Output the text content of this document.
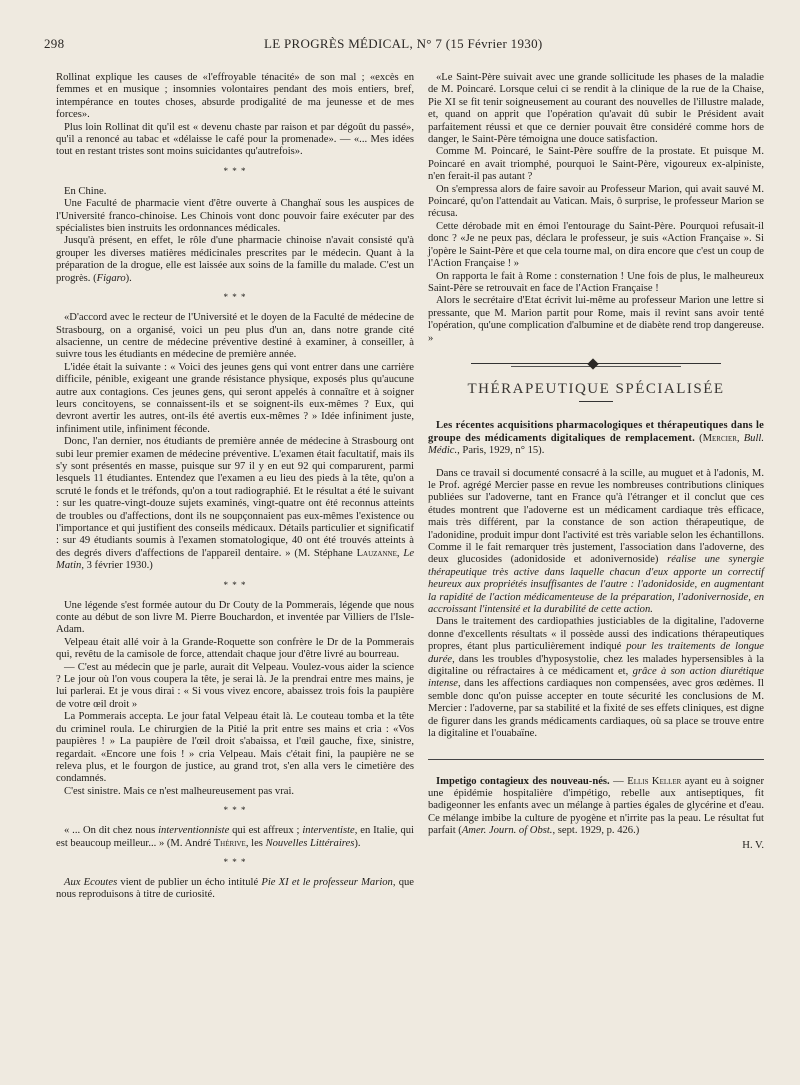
298	LE PROGRÈS MÉDICAL, N° 7 (15 Février 1930)

Rollinat explique les causes de «l'effroyable ténacité» de son mal ; «excès en femmes et en musique ; insomnies volontaires pendant des mois entiers, bref, intempérance en toutes choses, absurde prodigalité de ma jeunesse et de mes forces».

Plus loin Rollinat dit qu'il est « devenu chaste par raison et par dégoût du passé», qu'il a renoncé au tabac et «délaisse le café pour la promenade». — «... Mes idées tout en restant tristes sont moins suicidantes qu'autrefois».

* * *

En Chine.

Une Faculté de pharmacie vient d'être ouverte à Changhaï sous les auspices de l'Université franco-chinoise. Les Chinois vont donc pouvoir faire exécuter par des spécialistes bien instruits les ordonnances médicales.

Jusqu'à présent, en effet, le rôle d'une pharmacie chinoise n'avait consisté qu'à grouper les diverses matières médicinales prescrites par le médecin. Quant à la préparation de la drogue, elle est laissée aux soins de la famille du malade. C'est un progrès. (Figaro).

* * *

«D'accord avec le recteur de l'Université et le doyen de la Faculté de médecine de Strasbourg, on a organisé, voici un peu plus d'un an, dans notre grande cité alsacienne, un centre de médecine préventive destiné à examiner, à conseiller, à suivre tous les étudiants en médecine de première année.

L'idée était la suivante : « Voici des jeunes gens qui vont entrer dans une carrière difficile, pénible, exigeant une grande résistance physique, exposés plus qu'aucune autre aux contagions. Ces jeunes gens, qui seront appelés à connaître et à soigner leurs concitoyens, se connaissent-ils et se soignent-ils eux-mêmes ? Eux, qui devront avertir les autres, ont-ils été avertis eux-mêmes ? » Idée infiniment juste, infiniment utile, infiniment féconde.

Donc, l'an dernier, nos étudiants de première année de médecine à Strasbourg ont subi leur premier examen de médecine préventive. L'examen était facultatif, mais ils s'y sont présentés en masse, puisque sur 97 il y en eut 92 qui comparurent, parmi lesquels 11 étudiantes. Entendez que l'examen a eu lieu des pieds à la tête, qu'on a scruté le fonds et le tréfonds, qu'on a tout radiographié. Et le résultat a été le suivant : sur les quatre-vingt-douze sujets examinés, vingt-quatre ont été reconnus atteints de troubles ou d'affections, dont ils ne soupçonnaient pas eux-mêmes l'existence ou l'importance et qui justifient des conseils médicaux. Détails particulier et significatif : sur 49 étudiants soumis à l'examen stomatologique, 40 ont été trouvés atteints à des degrés divers d'affections de l'appareil dentaire. » (M. Stéphane Lauzanne, Le Matin, 3 février 1930.)

* * *

Une légende s'est formée autour du Dr Couty de la Pommerais, légende que nous conte au début de son livre M. Pierre Bouchardon, et inventée par Villiers de l'Isle-Adam.

Velpeau était allé voir à la Grande-Roquette son confrère le Dr de la Pommerais qui, revêtu de la camisole de force, attendait chaque jour d'être livré au bourreau.

— C'est au médecin que je parle, aurait dit Velpeau. Voulez-vous aider la science ? Le jour où l'on vous coupera la tête, je serai là. Je la prendrai entre mes mains, je lui parlerai. Et je vous dirai : « Si vous vivez encore, abaissez trois fois la paupière de votre œil droit »

La Pommerais accepta. Le jour fatal Velpeau était là. Le couteau tomba et la tête du criminel roula. Le chirurgien de la Pitié la prit entre ses mains et cria : «Vos paupières ! » La paupière de l'œil droit s'abaissa, et l'œil gauche, fixe, sinistre, regardait. «Encore une fois ! » cria Velpeau. Mais c'était fini, la paupière ne se releva plus, et le fourgon de justice, au grand trot, s'en alla vers le cimetière des condamnés.

C'est sinistre. Mais ce n'est malheureusement pas vrai.

* * *

« ... On dit chez nous interventionniste qui est affreux ; interventiste, en Italie, qui est beaucoup meilleur... » (M. André Thérive, les Nouvelles Littéraires).

* * *

Aux Ecoutes vient de publier un écho intitulé Pie XI et le professeur Marion, que nous reproduisons à titre de curiosité.

«Le Saint-Père suivait avec une grande sollicitude les phases de la maladie de M. Poincaré. Lorsque celui ci se rendit à la clinique de la rue de la Chaise, Pie XI se fit tenir soigneusement au courant des nouvelles de l'illustre malade, et, quand on apprit que l'opération qu'avait dû subir le Président avait parfaitement réussi et que ce dernier pouvait être considéré comme hors de danger, le Saint-Père témoigna une douce satisfaction.

Comme M. Poincaré, le Saint-Père souffre de la prostate. Et puisque M. Poincaré en avait triomphé, pourquoi le Saint-Père, vigoureux ex-alpiniste, n'en ferait-il pas autant ?

On s'empressa alors de faire savoir au Professeur Marion, qui avait sauvé M. Poincaré, qu'on l'attendait au Vatican. Mais, ô surprise, le professeur Marion se récusa.

Cette dérobade mit en émoi l'entourage du Saint-Père. Pourquoi refusait-il donc ? «Je ne peux pas, déclara le professeur, je suis «Action Française ». Si j'opère le Saint-Père et que cela tourne mal, on dira encore que c'est un coup de l'Action Française ! »

On rapporta le fait à Rome : consternation ! Une fois de plus, le malheureux Saint-Père se retrouvait en face de l'Action Française !

Alors le secrétaire d'Etat écrivit lui-même au professeur Marion une lettre si pressante, que M. Marion partit pour Rome, mais il revint sans avoir tenté l'opération, qu'une complication d'albumine et de diabète rend trop dangereuse. »

THÉRAPEUTIQUE SPÉCIALISÉE

Les récentes acquisitions pharmacologiques et thérapeutiques dans le groupe des médicaments digitaliques de remplacement. (Mercier, Bull. Médic., Paris, 1929, n° 15).

Dans ce travail si documenté consacré à la scille, au muguet et à l'adonis, M. le Prof. agrégé Mercier passe en revue les nombreuses contributions cliniques publiées sur l'adoverne, tant en France qu'à l'étranger et il conclut que ces études montrent que l'adoverne est un médicament cardiaque très efficace, mais très différent, par la constance de son action thérapeutique, de l'adonidine, produit impur dont l'activité est très variable selon les échantillons. Comme il le fait remarquer très justement, l'association dans l'adoverne, des deux glucosides (adonidoside et adonivernoside) réalise une synergie thérapeutique très active dans laquelle chacun d'eux apporte un correctif heureux aux propriétés insuffisantes de l'autre : l'adonidoside, en augmentant la rapidité de l'action médicamenteuse de la préparation, l'adonivernoside, en accroissant l'intensité et la durabilité de cette action.

Dans le traitement des cardiopathies justiciables de la digitaline, l'adoverne donne d'excellents résultats « il possède aussi des indications thérapeutiques propres, étant plus particulièrement indiqué pour les traitements de longue durée, dans les troubles d'hyposystolie, chez les malades hypersensibles à la digitaline ou réfractaires à ce médicament et, grâce à son action diurétique intense, dans les affections cardiaques non compensées, avec gros œdèmes. Il semble donc qu'on puisse accepter en toute sécurité les conclusions de M. Mercier : l'adoverne, par sa stabilité et la fixité de ses effets cliniques, est digne de figurer dans les grands médicaments cardiaques, où sa place se trouve entre la digitaline et l'ouabaïne.

Impetigo contagieux des nouveau-nés. — Ellis Keller ayant eu à soigner une épidémie hospitalière d'impétigo, rebelle aux antiseptiques, fit badigeonner les enfants avec un mélange à parties égales de glycérine et d'eau. Ce mélange imbibe la culture de pyogène et n'irrite pas la peau. Le résultat fut parfait (Amer. Journ. of Obst., sept. 1929, p. 426.)

H. V.
